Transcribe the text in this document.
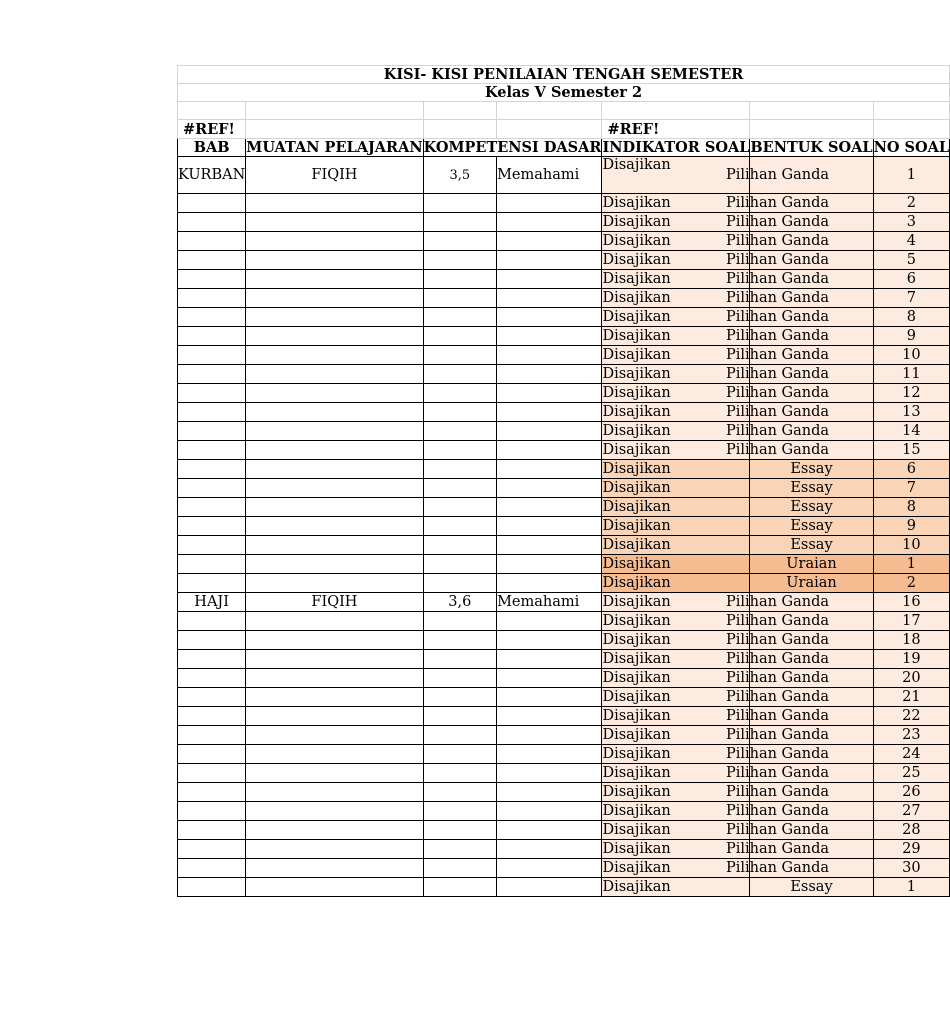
KISI- KISI PENILAIAN TENGAH SEMESTER						
Kelas V Semester 2						

#REF!				#REF!		
BAB	MUATAN PELAJARAN	KOMPETENSI DASAR		INDIKATOR SOAL	BENTUK SOAL	NO SOAL
KURBAN	FIQIH	3,5	Memahami	Disajikan	Pilihan Ganda	1
				Disajikan	Pilihan Ganda	2
				Disajikan	Pilihan Ganda	3
				Disajikan	Pilihan Ganda	4
				Disajikan	Pilihan Ganda	5
				Disajikan	Pilihan Ganda	6
				Disajikan	Pilihan Ganda	7
				Disajikan	Pilihan Ganda	8
				Disajikan	Pilihan Ganda	9
				Disajikan	Pilihan Ganda	10
				Disajikan	Pilihan Ganda	11
				Disajikan	Pilihan Ganda	12
				Disajikan	Pilihan Ganda	13
				Disajikan	Pilihan Ganda	14
				Disajikan	Pilihan Ganda	15
				Disajikan	Essay	6
				Disajikan	Essay	7
				Disajikan	Essay	8
				Disajikan	Essay	9
				Disajikan	Essay	10
				Disajikan	Uraian	1
				Disajikan	Uraian	2
HAJI	FIQIH	3,6	Memahami	Disajikan	Pilihan Ganda	16
				Disajikan	Pilihan Ganda	17
				Disajikan	Pilihan Ganda	18
				Disajikan	Pilihan Ganda	19
				Disajikan	Pilihan Ganda	20
				Disajikan	Pilihan Ganda	21
				Disajikan	Pilihan Ganda	22
				Disajikan	Pilihan Ganda	23
				Disajikan	Pilihan Ganda	24
				Disajikan	Pilihan Ganda	25
				Disajikan	Pilihan Ganda	26
				Disajikan	Pilihan Ganda	27
				Disajikan	Pilihan Ganda	28
				Disajikan	Pilihan Ganda	29
				Disajikan	Pilihan Ganda	30
				Disajikan	Essay	1
